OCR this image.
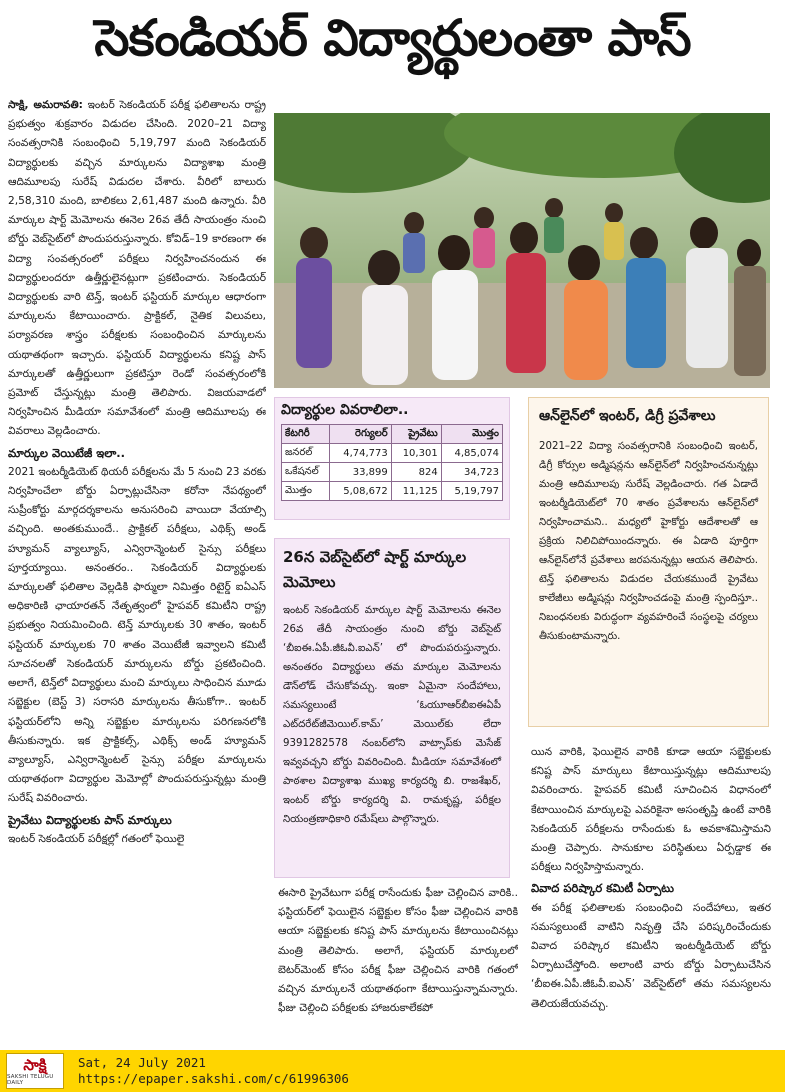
సెకండియర్‌ విద్యార్థులంతా పాస్‌

సాక్షి, అమరావతి: ఇంటర్‌ సెకండియర్‌ పరీక్ష ఫలితాలను రాష్ట్ర ప్రభుత్వం శుక్రవారం విడుదల చేసింది. 2020–21 విద్యా సంవత్సరానికి సంబంధించి 5,19,797 మంది సెకండియర్‌ విద్యార్థులకు వచ్చిన మార్కులను విద్యాశాఖ మంత్రి ఆదిమూలపు సురేష్‌ విడుదల చేశారు. వీరిలో బాలురు 2,58,310 మంది, బాలికలు 2,61,487 మంది ఉన్నారు. వీరి మార్కుల షార్ట్‌ మెమోలను ఈనెల 26వ తేదీ సాయంత్రం నుంచి బోర్డు వెబ్‌సైట్‌లో పొందుపరుస్తున్నారు. కోవిడ్‌–19 కారణంగా ఈ విద్యా సంవత్సరంలో పరీక్షలు నిర్వహించనందున ఈ విద్యార్థులందరూ ఉత్తీర్ణులైనట్లుగా ప్రకటించారు. సెకండియర్‌ విద్యార్థులకు వారి టెన్త్‌, ఇంటర్‌ ఫస్టియర్‌ మార్కుల ఆధారంగా మార్కులను కేటాయించారు. ప్రాక్టికల్‌, నైతిక విలువలు, పర్యావరణ శాస్త్రం పరీక్షలకు సంబంధించిన మార్కులను యథాతథంగా ఇచ్చారు. ఫస్టియర్‌ విద్యార్థులను కనిష్ట పాస్‌ మార్కులతో ఉత్తీర్ణులుగా ప్రకటిస్తూ రెండో సంవత్సరంలోకి ప్రమోట్‌ చేస్తున్నట్లు మంత్రి తెలిపారు. విజయవాడలో నిర్వహించిన మీడియా సమావేశంలో మంత్రి ఆదిమూలపు ఈ వివరాలు వెల్లడించారు.

మార్కుల వెయిటేజీ ఇలా..

2021 ఇంటర్మీడియెట్‌ థియరీ పరీక్షలను మే 5 నుంచి 23 వరకు నిర్వహించేలా బోర్డు ఏర్పాట్లుచేసినా కరోనా నేపథ్యంలో సుప్రీంకోర్టు మార్గదర్శకాలను అనుసరించి వాయిదా వేయాల్సి వచ్చింది. అంతకుముందే.. ప్రాక్టికల్‌ పరీక్షలు, ఎథిక్స్‌ అండ్‌ హ్యూమన్‌ వ్యాల్యూస్‌, ఎన్విరాన్మెంటల్‌ సైన్సు పరీక్షలు పూర్తయ్యాయి. అనంతరం.. సెకండియర్‌ విద్యార్థులకు మార్కులతో ఫలితాల వెల్లడికి ఫార్ములా నిమిత్తం రిటైర్డ్‌ ఐఏఎస్‌ అధికారిణి ఛాయారతన్‌ నేతృత్వంలో హైపవర్‌ కమిటీని రాష్ట్ర ప్రభుత్వం నియమించింది. టెన్త్‌ మార్కులకు 30 శాతం, ఇంటర్‌ ఫస్టియర్‌ మార్కులకు 70 శాతం వెయిటేజీ ఇవ్వాలని కమిటీ సూచనలతో సెకండియర్‌ మార్కులను బోర్డు ప్రకటించింది. అలాగే, టెన్త్‌లో విద్యార్థులు మంచి మార్కులు సాధించిన మూడు సబ్జెక్టుల (బెస్ట్‌ 3) సరాసరి మార్కులను తీసుకోగా.. ఇంటర్‌ ఫస్టియర్‌లోని అన్ని సబ్జెక్టుల మార్కులను పరిగణనలోకి తీసుకున్నారు. ఇక ప్రాక్టికల్స్‌, ఎథిక్స్‌ అండ్‌ హ్యూమన్‌ వ్యాల్యూస్‌, ఎన్విరాన్మెంటల్‌ సైన్సు పరీక్షల మార్కులను యథాతథంగా విద్యార్థుల మెమోల్లో పొందుపరుస్తున్నట్లు మంత్రి సురేష్‌ వివరించారు.

ప్రైవేటు విద్యార్థులకు పాస్‌ మార్కులు

ఇంటర్‌ సెకండియర్‌ పరీక్షల్లో గతంలో ఫెయిలై

విద్యార్థుల వివరాలిలా..
కేటగిరీ	రెగ్యులర్‌	ప్రైవేటు	మొత్తం
జనరల్‌	4,74,773	10,301	4,85,074
ఒకేషనల్‌	33,899	824	34,723
మొత్తం	5,08,672	11,125	5,19,797
26న వెబ్‌సైట్‌లో షార్ట్‌ మార్కుల మెమోలు
ఇంటర్‌ సెకండియర్‌ మార్కుల షార్ట్‌ మెమోలను ఈనెల 26వ తేదీ సాయంత్రం నుంచి బోర్డు వెబ్‌సైట్‌ ‘బీఐఈ.ఏపీ.జీఓవీ.ఐఎన్‌’ లో పొందుపరుస్తున్నారు. అనంతరం విద్యార్థులు తమ మార్కుల మెమోలను డౌన్‌లోడ్‌ చేసుకోవచ్చు. ఇంకా ఏమైనా సందేహాలు, సమస్యలుంటే ‘ఓయూఆర్‌బీఐఈఏపీ ఎట్‌దరేట్‌జీమెయిల్‌.కామ్‌’ మెయిల్‌కు లేదా 9391282578 నంబర్‌లోని వాట్సాప్‌కు మెసేజ్‌ ఇవ్వవచ్చని బోర్డు వివరించింది. మీడియా సమావేశంలో పాఠశాల విద్యాశాఖ ముఖ్య కార్యదర్శి బి. రాజశేఖర్‌, ఇంటర్‌ బోర్డు కార్యదర్శి వి. రామకృష్ణ, పరీక్షల నియంత్రణాధికారి రమేష్‌లు పాల్గొన్నారు.
ఆన్‌లైన్‌లో ఇంటర్‌, డిగ్రీ ప్రవేశాలు
2021–22 విద్యా సంవత్సరానికి సంబంధించి ఇంటర్‌, డిగ్రీ కోర్సుల అడ్మిషన్లను ఆన్‌లైన్‌లో నిర్వహించనున్నట్లు మంత్రి ఆదిమూలపు సురేష్‌ వెల్లడించారు. గత ఏడాదే ఇంటర్మీడియెట్‌లో 70 శాతం ప్రవేశాలను ఆన్‌లైన్‌లో నిర్వహించామని.. మధ్యలో హైకోర్టు ఆదేశాలతో ఆ ప్రక్రియ నిలిచిపోయిందన్నారు. ఈ ఏడాది పూర్తిగా ఆన్‌లైన్‌లోనే ప్రవేశాలు జరపనున్నట్లు ఆయన తెలిపారు. టెన్త్‌ ఫలితాలను విడుదల చేయకముందే ప్రైవేటు కాలేజీలు అడ్మిషన్లు నిర్వహించడంపై మంత్రి స్పందిస్తూ.. నిబంధనలకు విరుద్ధంగా వ్యవహరించే సంస్థలపై చర్యలు తీసుకుంటామన్నారు.

ఈసారి ప్రైవేటుగా పరీక్ష రాసేందుకు ఫీజు చెల్లించిన వారికి.. ఫస్టియర్‌లో ఫెయిలైన సబ్జెక్టుల కోసం ఫీజు చెల్లించిన వారికి ఆయా సబ్జెక్టులకు కనిష్ట పాస్‌ మార్కులను కేటాయించినట్లు మంత్రి తెలిపారు. అలాగే, ఫస్టియర్‌ మార్కులలో బెటర్‌మెంట్‌ కోసం పరీక్ష ఫీజు చెల్లించిన వారికి గతంలో వచ్చిన మార్కులనే యథాతథంగా కేటాయిస్తున్నామన్నారు. ఫీజు చెల్లించి పరీక్షలకు హాజరుకాలేకపో

యిన వారికి, ఫెయిలైన వారికి కూడా ఆయా సబ్జెక్టులకు కనిష్ట పాస్‌ మార్కులు కేటాయిస్తున్నట్లు ఆదిమూలపు వివరించారు. హైపవర్‌ కమిటీ సూచించిన విధానంలో కేటాయించిన మార్కులపై ఎవరికైనా అసంతృప్తి ఉంటే వారికి సెకండియర్‌ పరీక్షలను రాసేందుకు ఓ అవకాశమిస్తామని మంత్రి చెప్పారు. సానుకూల పరిస్థితులు ఏర్పడ్డాక ఈ పరీక్షలు నిర్వహిస్తామన్నారు.

వివాద పరిష్కార కమిటీ ఏర్పాటు

ఈ పరీక్ష ఫలితాలకు సంబంధించి సందేహాలు, ఇతర సమస్యలుంటే వాటిని నివృత్తి చేసి పరిష్కరించేందుకు వివాద పరిష్కార కమిటీని ఇంటర్మీడియెట్‌ బోర్డు ఏర్పాటుచేస్తోంది. అలాంటి వారు బోర్డు ఏర్పాటుచేసిన ‘బీఐఈ.ఏపీ.జీఓవీ.ఐఎన్‌’ వెబ్‌సైట్‌లో తమ సమస్యలను తెలియజేయవచ్చు.

సాక్షి
SAKSHI TELUGU DAILY
Sat, 24 July 2021
https://epaper.sakshi.com/c/61996306
